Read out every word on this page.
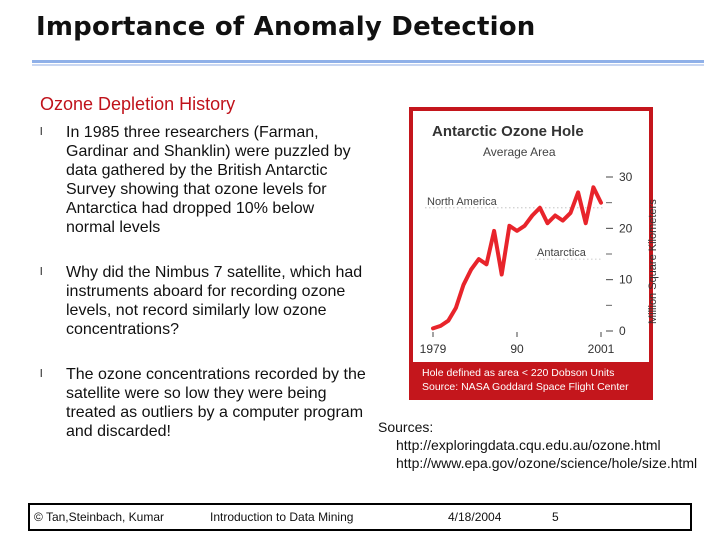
Importance of Anomaly Detection
Ozone Depletion History
l In 1985 three researchers (Farman, Gardinar and Shanklin) were puzzled by data gathered by the British Antarctic Survey showing that ozone levels for Antarctica had dropped 10% below normal levels
l Why did the Nimbus 7 satellite, which had instruments aboard for recording ozone levels, not record similarly low ozone concentrations?
l The ozone concentrations recorded by the satellite were so low they were being treated as outliers by a computer program and discarded!
Antarctic Ozone Hole
Average Area
Million Square Kilometers
0
10
20
30
1979	90	2001
North America
Antarctica
Hole defined as area < 220 Dobson Units
Source: NASA Goddard Space Flight Center
Sources:
http://exploringdata.cqu.edu.au/ozone.html
http://www.epa.gov/ozone/science/hole/size.html
© Tan,Steinbach, Kumar	Introduction to Data Mining	4/18/2004	5
